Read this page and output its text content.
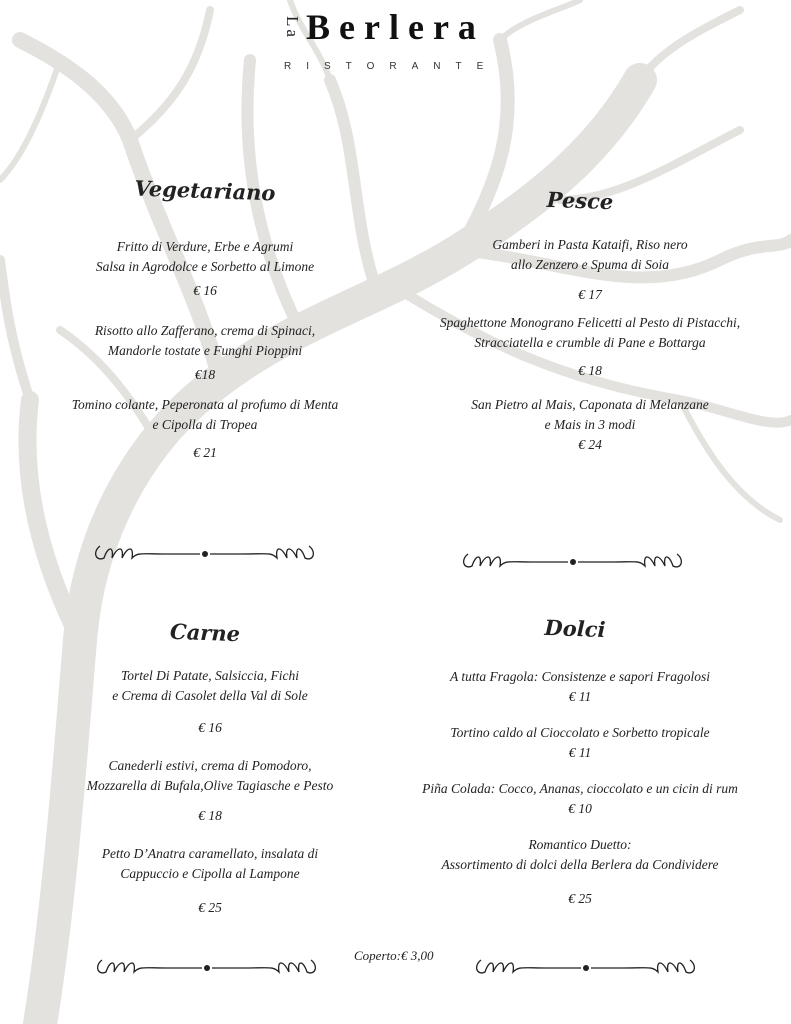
La Berlera
RISTORANTE
Vegetariano	Pesce
Carne	Dolci
Fritto di Verdure, Erbe e Agrumi
Salsa in Agrodolce e Sorbetto al Limone
€ 16
Risotto allo Zafferano, crema di Spinaci,
Mandorle tostate e Funghi Pioppini
€18
Tomino colante, Peperonata al profumo di Menta
e Cipolla di Tropea
€ 21
Gamberi in Pasta Kataifi, Riso nero
allo Zenzero e Spuma di Soia
€ 17
Spaghettone Monograno Felicetti al Pesto di Pistacchi,
Stracciatella e crumble di Pane e Bottarga
€ 18
San Pietro al Mais, Caponata di Melanzane
e Mais in 3 modi
€ 24
Tortel Di Patate, Salsiccia, Fichi
e Crema di Casolet della Val di Sole
€ 16
Canederli estivi, crema di Pomodoro,
Mozzarella di Bufala,Olive Tagiasche e Pesto
€ 18
Petto D’Anatra caramellato, insalata di
Cappuccio e Cipolla al Lampone
€ 25
A tutta Fragola: Consistenze e sapori Fragolosi
€ 11
Tortino caldo al Cioccolato e Sorbetto tropicale
€ 11
Piña Colada: Cocco, Ananas, cioccolato e un cicin di rum
€ 10
Romantico Duetto:
Assortimento di dolci della Berlera da Condividere
€ 25
Coperto:€ 3,00
